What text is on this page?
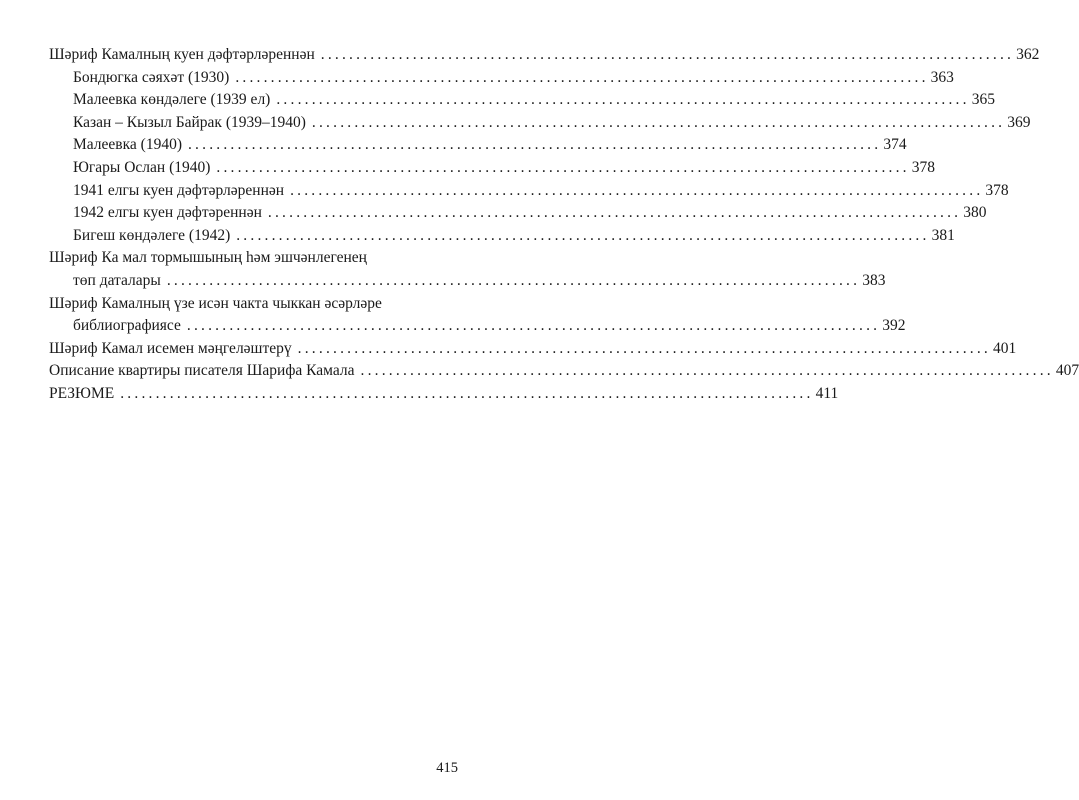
Шәриф Камалның куен дәфтәрләреннән .................................................................................................. 362
Бондюгка сәяхәт (1930) .................................................................................................. 363
Малеевка көндәлеге (1939 ел) .................................................................................................. 365
Казан – Кызыл Байрак (1939–1940) .................................................................................................. 369
Малеевка (1940) .................................................................................................. 374
Югары Ослан (1940) .................................................................................................. 378
1941 елгы куен дәфтәрләреннән .................................................................................................. 378
1942 елгы куен дәфтәреннән .................................................................................................. 380
Бигеш көндәлеге (1942) .................................................................................................. 381
Шәриф Ка мал тормышының һәм эшчәнлегенең
төп даталары .................................................................................................. 383
Шәриф Камалның үзе исән чакта чыккан әсәрләре
библиографиясе .................................................................................................. 392
Шәриф Камал исемен мәңгеләштерү .................................................................................................. 401
Описание квартиры писателя Шарифа Камала .................................................................................................. 407
РЕЗЮМЕ .................................................................................................. 411
415
